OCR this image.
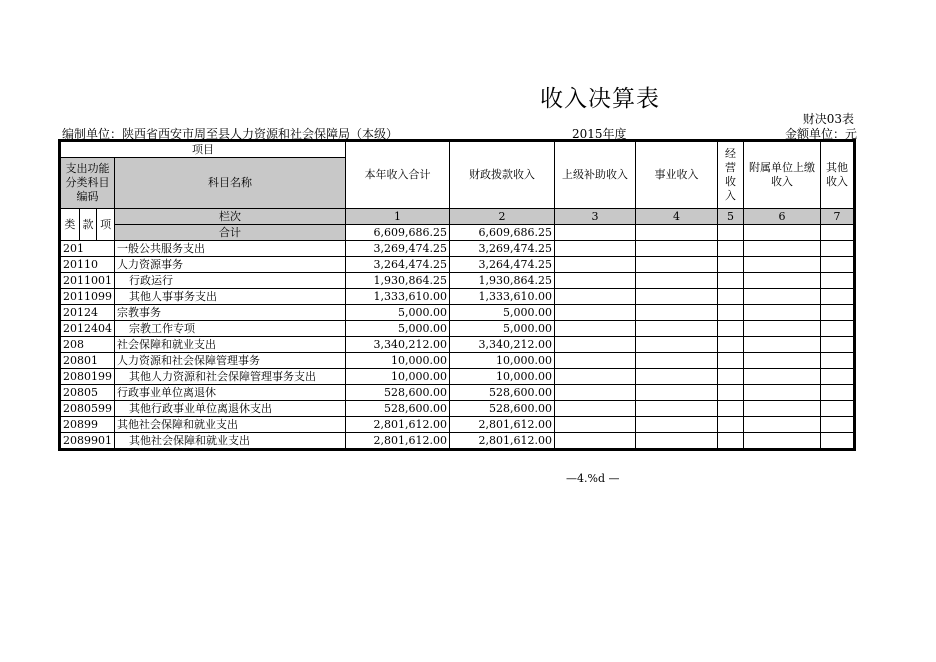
收入决算表
财决03表
编制单位：陕西省西安市周至县人力资源和社会保障局（本级）	2015年度	金额单位：元
项目				本年收入合计	财政拨款收入	上级补助收入	事业收入	经营收入	附属单位上缴收入	其他收入
支出功能分类科目编码			科目名称							

类	款	项	栏次	1	2	3	4	5	6	7
			合计	6,609,686.25	6,609,686.25					
201			一般公共服务支出	3,269,474.25	3,269,474.25					
20110			人力资源事务	3,264,474.25	3,264,474.25					
2011001			行政运行	1,930,864.25	1,930,864.25					
2011099			其他人事事务支出	1,333,610.00	1,333,610.00					
20124			宗教事务	5,000.00	5,000.00					
2012404			宗教工作专项	5,000.00	5,000.00					
208			社会保障和就业支出	3,340,212.00	3,340,212.00					
20801			人力资源和社会保障管理事务	10,000.00	10,000.00					
2080199			其他人力资源和社会保障管理事务支出	10,000.00	10,000.00					
20805			行政事业单位离退休	528,600.00	528,600.00					
2080599			其他行政事业单位离退休支出	528,600.00	528,600.00					
20899			其他社会保障和就业支出	2,801,612.00	2,801,612.00					
2089901			其他社会保障和就业支出	2,801,612.00	2,801,612.00					
—4.%d —
